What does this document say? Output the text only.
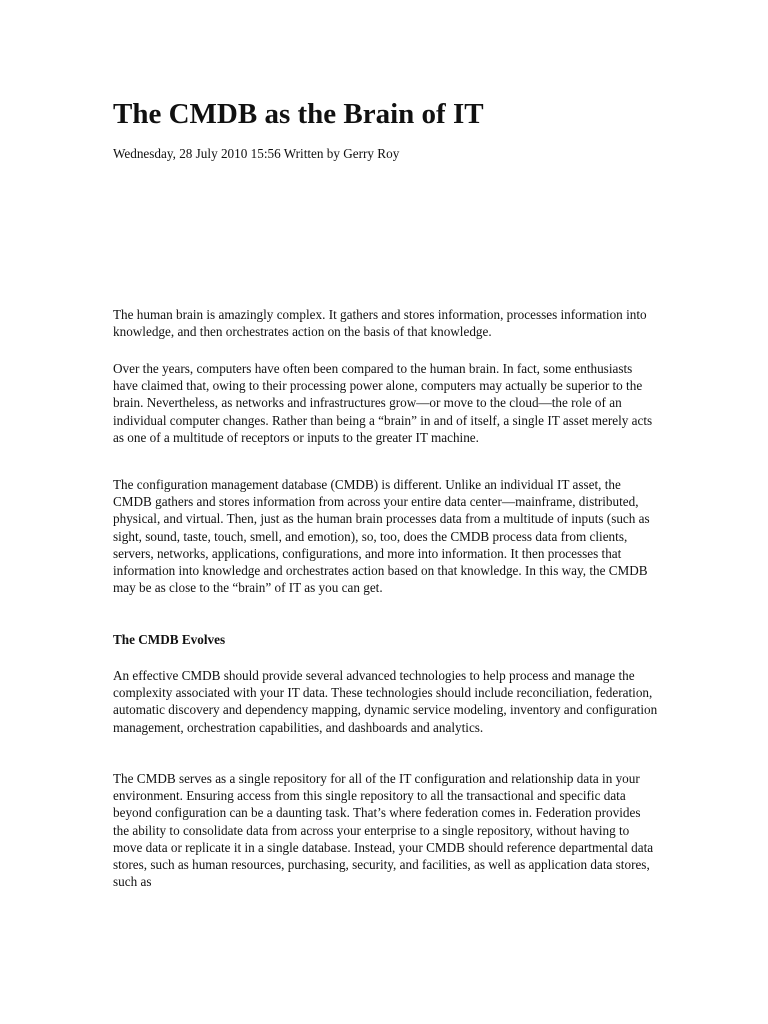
The CMDB as the Brain of IT

Wednesday, 28 July 2010 15:56 Written by Gerry Roy

The human brain is amazingly complex. It gathers and stores information, processes information into knowledge, and then orchestrates action on the basis of that knowledge.

Over the years, computers have often been compared to the human brain. In fact, some enthusiasts have claimed that, owing to their processing power alone, computers may actually be superior to the brain. Nevertheless, as networks and infrastructures grow—or move to the cloud—the role of an individual computer changes. Rather than being a “brain” in and of itself, a single IT asset merely acts as one of a multitude of receptors or inputs to the greater IT machine.

The configuration management database (CMDB) is different. Unlike an individual IT asset, the CMDB gathers and stores information from across your entire data center—mainframe, distributed, physical, and virtual. Then, just as the human brain processes data from a multitude of inputs (such as sight, sound, taste, touch, smell, and emotion), so, too, does the CMDB process data from clients, servers, networks, applications, configurations, and more into information. It then processes that information into knowledge and orchestrates action based on that knowledge. In this way, the CMDB may be as close to the “brain” of IT as you can get.

The CMDB Evolves

An effective CMDB should provide several advanced technologies to help process and manage the complexity associated with your IT data. These technologies should include reconciliation, federation, automatic discovery and dependency mapping, dynamic service modeling, inventory and configuration management, orchestration capabilities, and dashboards and analytics.

The CMDB serves as a single repository for all of the IT configuration and relationship data in your environment. Ensuring access from this single repository to all the transactional and specific data beyond configuration can be a daunting task. That’s where federation comes in. Federation provides the ability to consolidate data from across your enterprise to a single repository, without having to move data or replicate it in a single database. Instead, your CMDB should reference departmental data stores, such as human resources, purchasing, security, and facilities, as well as application data stores, such as
